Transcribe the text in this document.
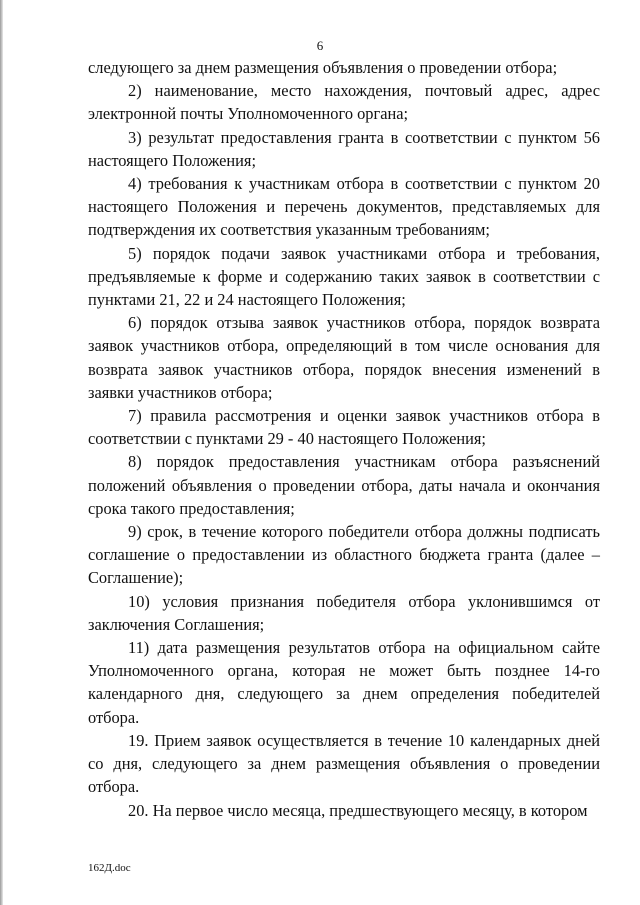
6

следующего за днем размещения объявления о проведении отбора;

2) наименование, место нахождения, почтовый адрес, адрес электронной почты Уполномоченного органа;

3) результат предоставления гранта в соответствии с пунктом 56 настоящего Положения;

4) требования к участникам отбора в соответствии с пунктом 20 настоящего Положения и перечень документов, представляемых для подтверждения их соответствия указанным требованиям;

5) порядок подачи заявок участниками отбора и требования, предъявляемые к форме и содержанию таких заявок в соответствии с пунктами 21, 22 и 24 настоящего Положения;

6) порядок отзыва заявок участников отбора, порядок возврата заявок участников отбора, определяющий в том числе основания для возврата заявок участников отбора, порядок внесения изменений в заявки участников отбора;

7) правила рассмотрения и оценки заявок участников отбора в соответствии с пунктами 29 - 40 настоящего Положения;

8) порядок предоставления участникам отбора разъяснений положений объявления о проведении отбора, даты начала и окончания срока такого предоставления;

9) срок, в течение которого победители отбора должны подписать соглашение о предоставлении из областного бюджета гранта (далее – Соглашение);

10) условия признания победителя отбора уклонившимся от заключения Соглашения;

11) дата размещения результатов отбора на официальном сайте Уполномоченного органа, которая не может быть позднее 14-го календарного дня, следующего за днем определения победителей отбора.

19. Прием заявок осуществляется в течение 10 календарных дней со дня, следующего за днем размещения объявления о проведении отбора.

20. На первое число месяца, предшествующего месяцу, в котором

162Д.doc
